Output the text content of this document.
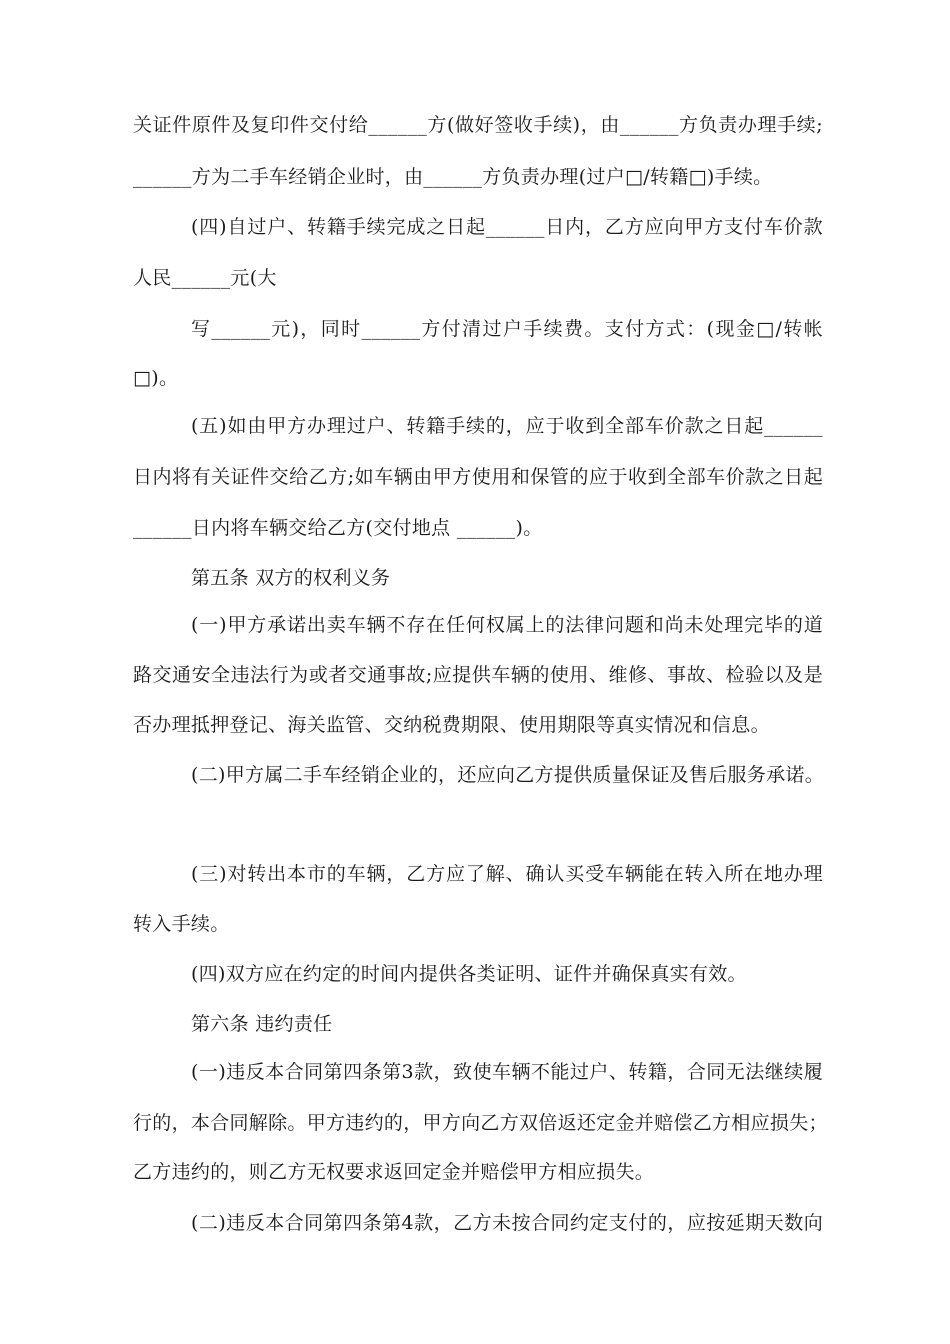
关证件原件及复印件交付给______方(做好签收手续)，由______方负责办理手续;
______方为二手车经销企业时，由______方负责办理(过户□/转籍□)手续。
(四)自过户、转籍手续完成之日起______日内，乙方应向甲方支付车价款
人民______元(大
写______元)，同时______方付清过户手续费。支付方式：(现金□/转帐
□)。
(五)如由甲方办理过户、转籍手续的，应于收到全部车价款之日起______
日内将有关证件交给乙方;如车辆由甲方使用和保管的应于收到全部车价款之日起
______日内将车辆交给乙方(交付地点 ______)。
第五条 双方的权利义务
(一)甲方承诺出卖车辆不存在任何权属上的法律问题和尚未处理完毕的道
路交通安全违法行为或者交通事故;应提供车辆的使用、维修、事故、检验以及是
否办理抵押登记、海关监管、交纳税费期限、使用期限等真实情况和信息。
(二)甲方属二手车经销企业的，还应向乙方提供质量保证及售后服务承诺。
(三)对转出本市的车辆，乙方应了解、确认买受车辆能在转入所在地办理
转入手续。
(四)双方应在约定的时间内提供各类证明、证件并确保真实有效。
第六条 违约责任
(一)违反本合同第四条第3款，致使车辆不能过户、转籍，合同无法继续履
行的，本合同解除。甲方违约的，甲方向乙方双倍返还定金并赔偿乙方相应损失；
乙方违约的，则乙方无权要求返回定金并赔偿甲方相应损失。
(二)违反本合同第四条第4款，乙方未按合同约定支付的，应按延期天数向
